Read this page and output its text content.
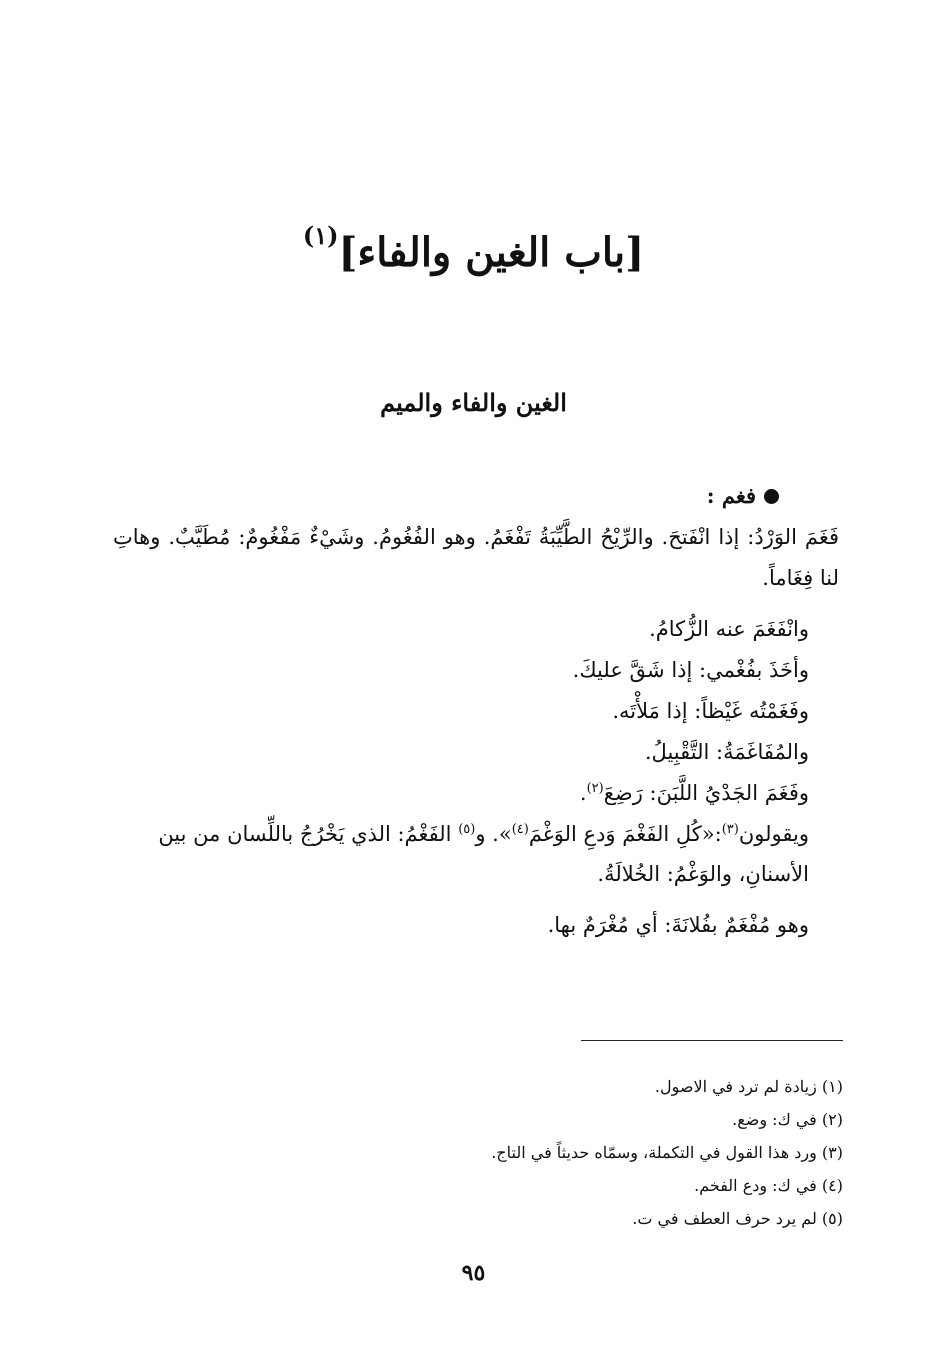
[باب الغين والفاء]$^{(١)}$
الغين والفاء والميم

فغم :

فَغَمَ الوَرْدُ: إذا انْفَتحَ. والرِّيْحُ الطَّيِّبَةُ تَفْغَمُ. وهو الفُغُومُ. وشَيْءٌ مَفْغُومٌ: مُطَيَّبٌ. وهاتِ لنا فِغَاماً.

وانْفَغَمَ عنه الزُّكامُ.

وأخَذَ بفُغْمي: إذا شَقَّ عليكَ.

وفَغَمْتُه غَيْظاً: إذا مَلأْتَه.

والمُفَاغَمَةُ: التَّقْبِيلُ.

وفَغَمَ الجَدْيُ اللَّبَنَ: رَضِعَ$^{(٢)}$.

ويقولون$^{(٣)}$:«كُلِ الفَغْمَ وَدعِ الوَغْمَ$^{(٤)}$». و$^{(٥)}$ الفَغْمُ: الذي يَخْرُجُ باللِّسان من بين الأسنانِ، والوَغْمُ: الخُلالَةُ.

وهو مُفْغَمٌ بفُلانَةَ: أي مُغْرَمٌ بها.

(١) زيادة لم ترد في الاصول.

(٢) في ك: وضع.

(٣) ورد هذا القول في التكملة، وسمّاه حديثاً في التاج.

(٤) في ك: ودع الفخم.

(٥) لم يرد حرف العطف في ت.

٩٥
